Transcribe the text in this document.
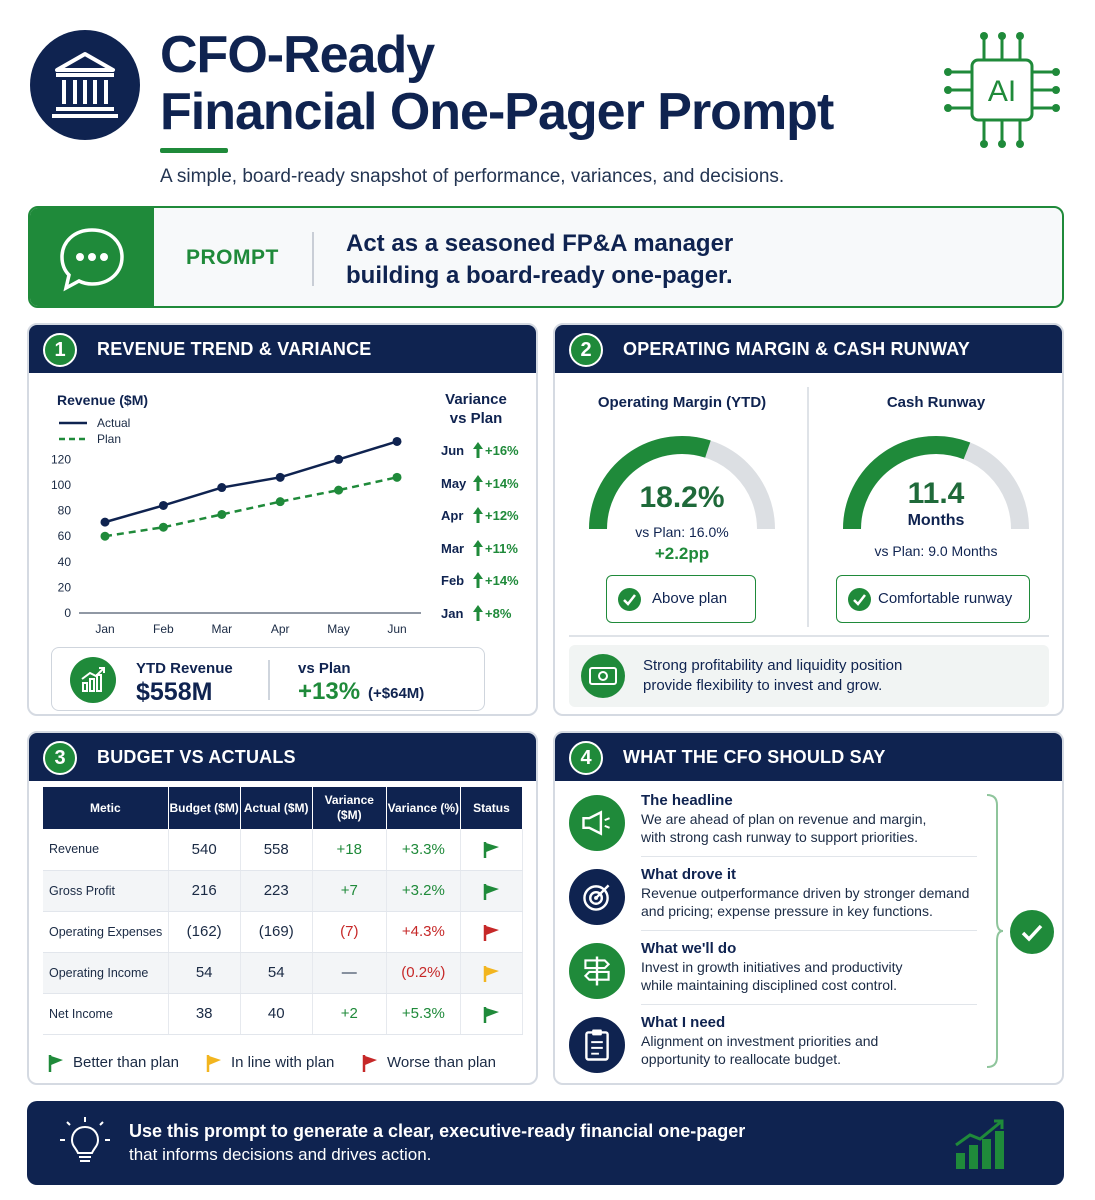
CFO-Ready
Financial One-Pager Prompt
A simple, board-ready snapshot of performance, variances, and decisions.
AI
PROMPT
Act as a seasoned FP&A manager
building a board-ready one-pager.
1	REVENUE TREND & VARIANCE
Revenue ($M)
Actual
Plan
0
20
40
60
80
100
120
Jan	Feb	Mar	Apr	May	Jun
Variance
vs Plan
YTD Revenue
$558M
vs Plan
+13% (+$64M)
Jun +16%
May +14%
Apr +12%
Mar +11%
Feb +14%
Jan +8%
2	OPERATING MARGIN & CASH RUNWAY
Operating Margin (YTD)	Cash Runway
18.2%
vs Plan: 16.0%
+2.2pp
11.4
Months
vs Plan: 9.0 Months
Above plan	Comfortable runway
Strong profitability and liquidity position
provide flexibility to invest and grow.
3	BUDGET VS ACTUALS
Metic	Budget ($M)	Actual ($M)	Variance ($M)	Variance (%)	Status
Revenue	540	558	+18	+3.3%	
Gross Profit	216	223	+7	+3.2%	
Operating Expenses	(162)	(169)	(7)	+4.3%	
Operating Income	54	54	—	(0.2%)	
Net Income	38	40	+2	+5.3%	
Better than plan	In line with plan	Worse than plan
4	WHAT THE CFO SHOULD SAY
The headline
We are ahead of plan on revenue and margin,
with strong cash runway to support priorities.
What drove it
Revenue outperformance driven by stronger demand
and pricing; expense pressure in key functions.
What we'll do
Invest in growth initiatives and productivity
while maintaining disciplined cost control.
What I need
Alignment on investment priorities and
opportunity to reallocate budget.
Use this prompt to generate a clear, executive-ready financial one-pager
that informs decisions and drives action.
